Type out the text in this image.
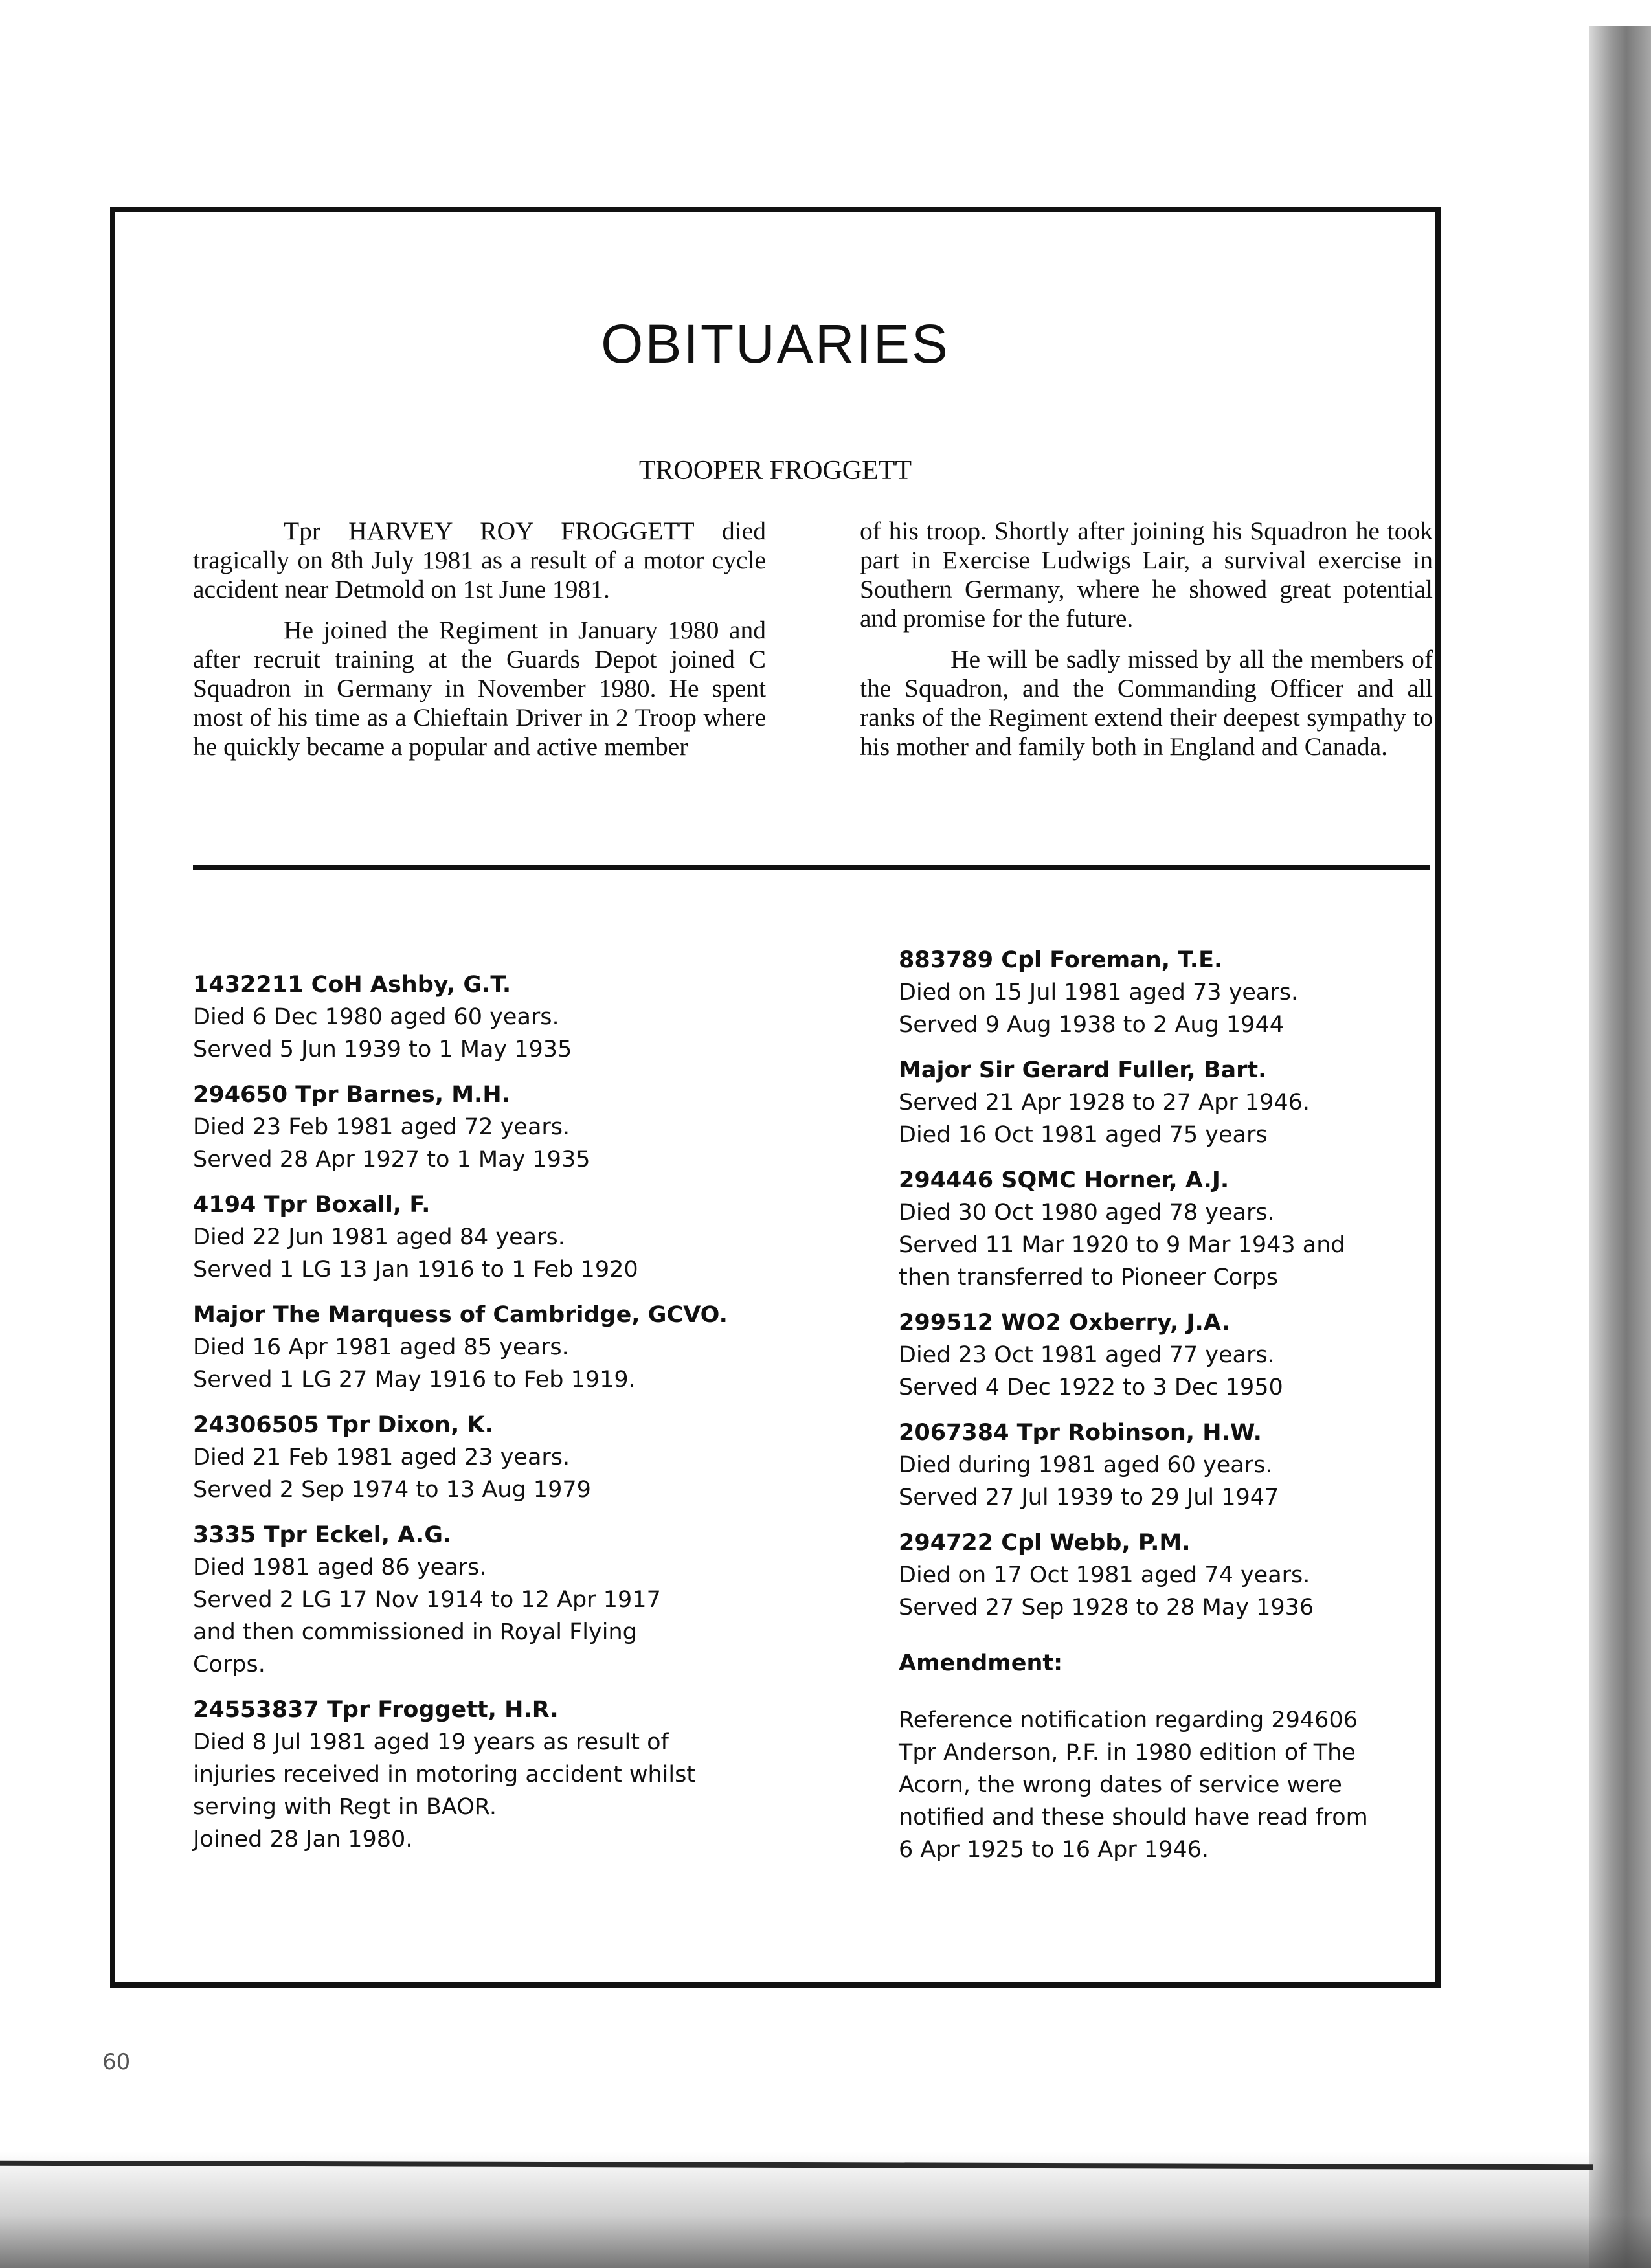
OBITUARIES
TROOPER FROGGETT

Tpr HARVEY ROY FROGGETT died tragically on 8th July 1981 as a result of a motor cycle accident near Detmold on 1st June 1981.

He joined the Regiment in January 1980 and after recruit training at the Guards Depot joined C Squadron in Germany in November 1980. He spent most of his time as a Chieftain Driver in 2 Troop where he quickly became a popular and active member

of his troop. Shortly after joining his Squadron he took part in Exercise Ludwigs Lair, a survival exercise in Southern Germany, where he showed great potential and promise for the future.

He will be sadly missed by all the members of the Squadron, and the Commanding Officer and all ranks of the Regiment extend their deepest sympathy to his mother and family both in England and Canada.

1432211 CoH Ashby, G.T.
Died 6 Dec 1980 aged 60 years.
Served 5 Jun 1939 to 1 May 1935
294650 Tpr Barnes, M.H.
Died 23 Feb 1981 aged 72 years.
Served 28 Apr 1927 to 1 May 1935
4194 Tpr Boxall, F.
Died 22 Jun 1981 aged 84 years.
Served 1 LG 13 Jan 1916 to 1 Feb 1920
Major The Marquess of Cambridge, GCVO.
Died 16 Apr 1981 aged 85 years.
Served 1 LG 27 May 1916 to Feb 1919.
24306505 Tpr Dixon, K.
Died 21 Feb 1981 aged 23 years.
Served 2 Sep 1974 to 13 Aug 1979
3335 Tpr Eckel, A.G.
Died 1981 aged 86 years.
Served 2 LG 17 Nov 1914 to 12 Apr 1917
and then commissioned in Royal Flying
Corps.
24553837 Tpr Froggett, H.R.
Died 8 Jul 1981 aged 19 years as result of
injuries received in motoring accident whilst
serving with Regt in BAOR.
Joined 28 Jan 1980.
883789 Cpl Foreman, T.E.
Died on 15 Jul 1981 aged 73 years.
Served 9 Aug 1938 to 2 Aug 1944
Major Sir Gerard Fuller, Bart.
Served 21 Apr 1928 to 27 Apr 1946.
Died 16 Oct 1981 aged 75 years
294446 SQMC Horner, A.J.
Died 30 Oct 1980 aged 78 years.
Served 11 Mar 1920 to 9 Mar 1943 and
then transferred to Pioneer Corps
299512 WO2 Oxberry, J.A.
Died 23 Oct 1981 aged 77 years.
Served 4 Dec 1922 to 3 Dec 1950
2067384 Tpr Robinson, H.W.
Died during 1981 aged 60 years.
Served 27 Jul 1939 to 29 Jul 1947
294722 Cpl Webb, P.M.
Died on 17 Oct 1981 aged 74 years.
Served 27 Sep 1928 to 28 May 1936
Amendment:
Reference notification regarding 294606
Tpr Anderson, P.F. in 1980 edition of The
Acorn, the wrong dates of service were
notified and these should have read from
6 Apr 1925 to 16 Apr 1946.
60
